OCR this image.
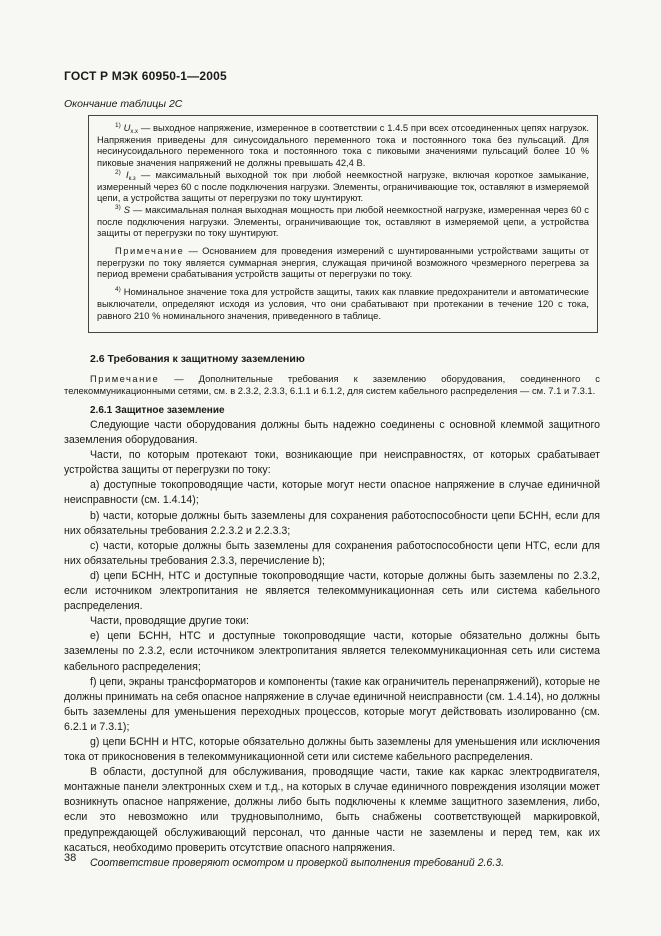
ГОСТ Р МЭК 60950-1—2005
Окончание таблицы 2С

$^{1)}$ $U_{х.х}$ — выходное напряжение, измеренное в соответствии с 1.4.5 при всех отсоединенных цепях нагрузок. Напряжения приведены для синусоидального переменного тока и постоянного тока без пульсаций. Для несинусоидального переменного тока и постоянного тока с пиковыми значениями пульсаций более 10 % пиковые значения напряжений не должны превышать 42,4 В.

$^{2)}$ $I_{к.з}$ — максимальный выходной ток при любой неемкостной нагрузке, включая короткое замыкание, измеренный через 60 с после подключения нагрузки. Элементы, ограничивающие ток, оставляют в измеряемой цепи, а устройства защиты от перегрузки по току шунтируют.

$^{3)}$ S — максимальная полная выходная мощность при любой неемкостной нагрузке, измеренная через 60 с после подключения нагрузки. Элементы, ограничивающие ток, оставляют в измеряемой цепи, а устройства защиты от перегрузки по току шунтируют.

Примечание — Основанием для проведения измерений с шунтированными устройствами защиты от перегрузки по току является суммарная энергия, служащая причиной возможного чрезмерного перегрева за период времени срабатывания устройств защиты от перегрузки по току.

$^{4)}$ Номинальное значение тока для устройств защиты, таких как плавкие предохранители и автоматические выключатели, определяют исходя из условия, что они срабатывают при протекании в течение 120 с тока, равного 210 % номинального значения, приведенного в таблице.

2.6 Требования к защитному заземлению
Примечание — Дополнительные требования к заземлению оборудования, соединенного с телекоммуникационными сетями, см. в 2.3.2, 2.3.3, 6.1.1 и 6.1.2, для систем кабельного распределения — см. 7.1 и 7.3.1.
2.6.1 Защитное заземление

Следующие части оборудования должны быть надежно соединены с основной клеммой защитного заземления оборудования.

Части, по которым протекают токи, возникающие при неисправностях, от которых срабатывает устройства защиты от перегрузки по току:

a) доступные токопроводящие части, которые могут нести опасное напряжение в случае единичной неисправности (см. 1.4.14);

b) части, которые должны быть заземлены для сохранения работоспособности цепи БСНН, если для них обязательны требования 2.2.3.2 и 2.2.3.3;

c) части, которые должны быть заземлены для сохранения работоспособности цепи НТС, если для них обязательны требования 2.3.3, перечисление b);

d) цепи БСНН, НТС и доступные токопроводящие части, которые должны быть заземлены по 2.3.2, если источником электропитания не является телекоммуникационная сеть или система кабельного распределения.

Части, проводящие другие токи:

e) цепи БСНН, НТС и доступные токопроводящие части, которые обязательно должны быть заземлены по 2.3.2, если источником электропитания является телекоммуникационная сеть или система кабельного распределения;

f) цепи, экраны трансформаторов и компоненты (такие как ограничитель перенапряжений), которые не должны принимать на себя опасное напряжение в случае единичной неисправности (см. 1.4.14), но должны быть заземлены для уменьшения переходных процессов, которые могут действовать изолированно (см. 6.2.1 и 7.3.1);

g) цепи БСНН и НТС, которые обязательно должны быть заземлены для уменьшения или исключения тока от прикосновения в телекоммуникационной сети или системе кабельного распределения.

В области, доступной для обслуживания, проводящие части, такие как каркас электродвигателя, монтажные панели электронных схем и т.д., на которых в случае единичного повреждения изоляции может возникнуть опасное напряжение, должны либо быть подключены к клемме защитного заземления, либо, если это невозможно или трудновыполнимо, быть снабжены соответствующей маркировкой, предупреждающей обслуживающий персонал, что данные части не заземлены и перед тем, как их касаться, необходимо проверить отсутствие опасного напряжения.

Соответствие проверяют осмотром и проверкой выполнения требований 2.6.3.

38
